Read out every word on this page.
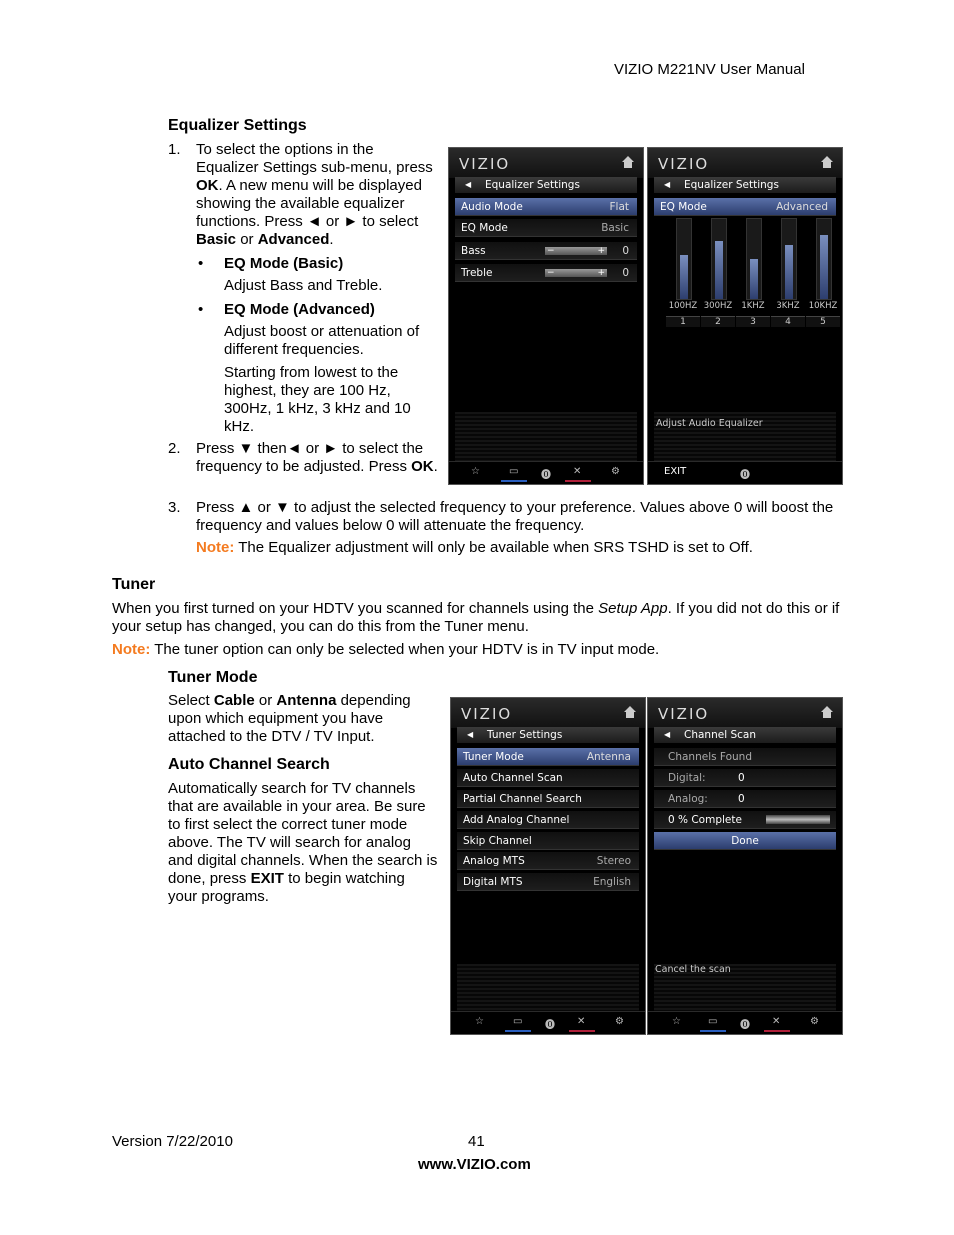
VIZIO M221NV User Manual
Equalizer Settings
1. To select the options in the Equalizer Settings sub-menu, press OK. A new menu will be displayed showing the available equalizer functions. Press ◄ or ► to select Basic or Advanced.
• EQ Mode (Basic)
Adjust Bass and Treble.
• EQ Mode (Advanced)
Adjust boost or attenuation of different frequencies.
Starting from lowest to the highest, they are 100 Hz, 300Hz, 1 kHz, 3 kHz and 10 kHz.
2. Press ▼ then◄ or ► to select the frequency to be adjusted. Press OK.
3. Press ▲ or ▼ to adjust the selected frequency to your preference. Values above 0 will boost the frequency and values below 0 will attenuate the frequency.
Note: The Equalizer adjustment will only be available when SRS TSHD is set to Off.
VIZIO
◀ Equalizer Settings
Audio Mode	Flat
EQ Mode	Basic
Bass	−	+ 0
Treble	−	+ 0
☆	▭ ⓿ ✕	⚙
VIZIO
◀ Equalizer Settings
EQ Mode	Advanced
100HZ
1
300HZ
2
1KHZ
3
3KHZ
4
10KHZ
5
Adjust Audio Equalizer
EXIT	⓿
Tuner
When you first turned on your HDTV you scanned for channels using the Setup App. If you did not do this or if your setup has changed, you can do this from the Tuner menu.
Note: The tuner option can only be selected when your HDTV is in TV input mode.
Tuner Mode
Select Cable or Antenna depending upon which equipment you have attached to the DTV / TV Input.
Auto Channel Search
Automatically search for TV channels that are available in your area. Be sure to first select the correct tuner mode above. The TV will search for analog and digital channels. When the search is done, press EXIT to begin watching your programs.
VIZIO
◀ Tuner Settings
Tuner Mode	Antenna
Auto Channel Scan
Partial Channel Search
Add Analog Channel
Skip Channel
Analog MTS	Stereo
Digital MTS	English
☆	▭ ⓿ ✕	⚙
VIZIO
◀ Channel Scan
Channels Found
Digital:	0
Analog:	0
0 % Complete
Done
Cancel the scan
☆	▭ ⓿ ✕	⚙
Version 7/22/2010	41
www.VIZIO.com
